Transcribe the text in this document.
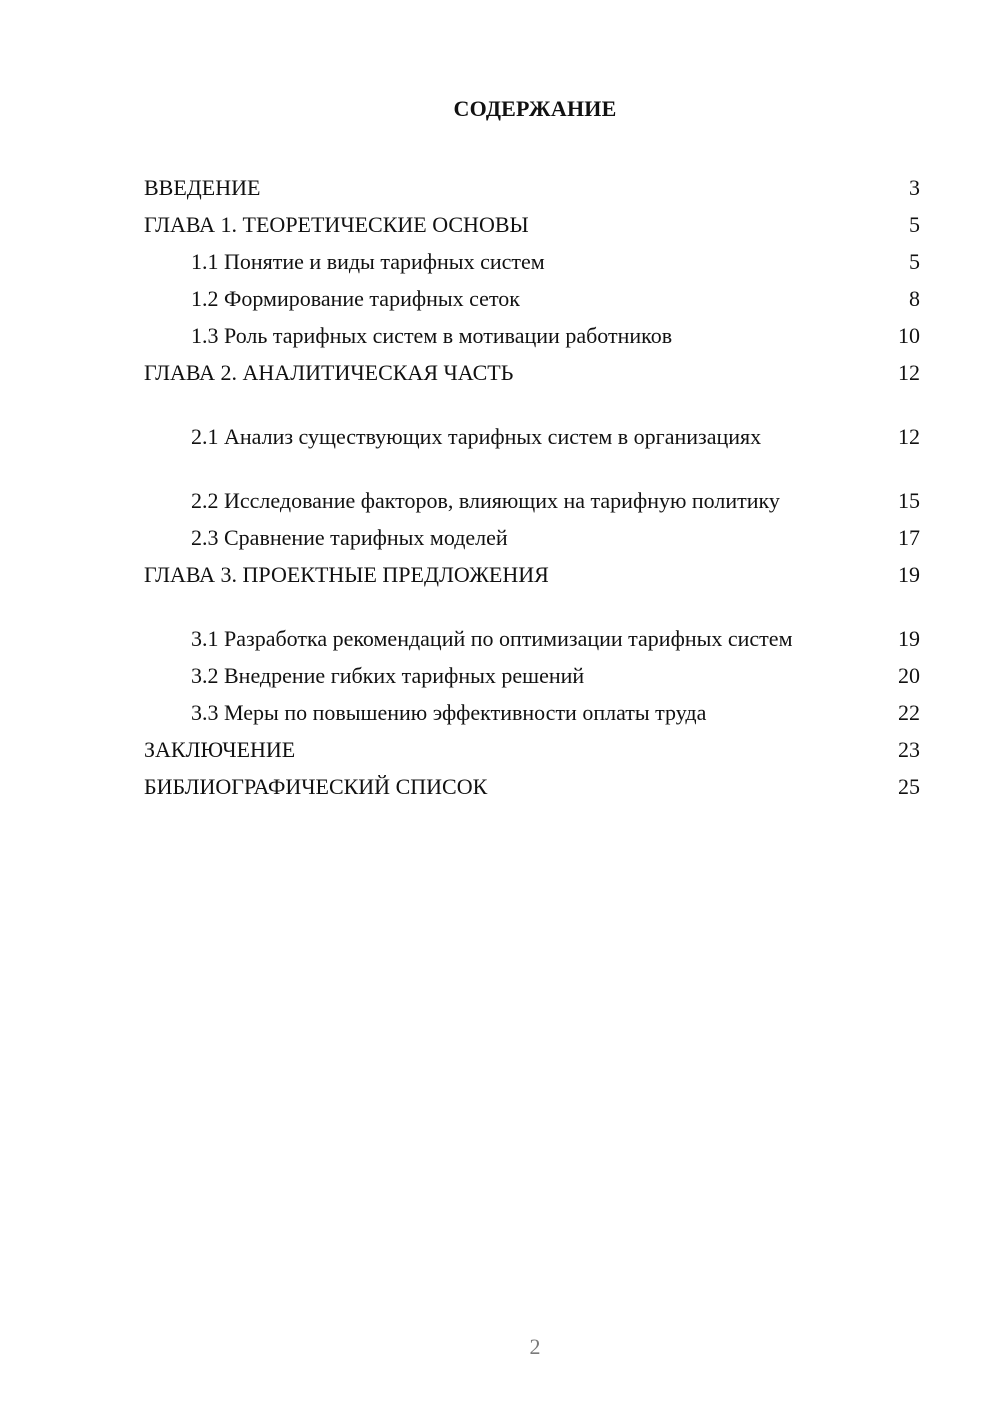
СОДЕРЖАНИЕ
ВВЕДЕНИЕ	3
ГЛАВА 1. ТЕОРЕТИЧЕСКИЕ ОСНОВЫ	5
1.1 Понятие и виды тарифных систем	5
1.2 Формирование тарифных сеток	8
1.3 Роль тарифных систем в мотивации работников	10
ГЛАВА 2. АНАЛИТИЧЕСКАЯ ЧАСТЬ	12
2.1 Анализ существующих тарифных систем в организациях	12
2.2 Исследование факторов, влияющих на тарифную политику	15
2.3 Сравнение тарифных моделей	17
ГЛАВА 3. ПРОЕКТНЫЕ ПРЕДЛОЖЕНИЯ	19
3.1 Разработка рекомендаций по оптимизации тарифных систем	19
3.2 Внедрение гибких тарифных решений	20
3.3 Меры по повышению эффективности оплаты труда	22
ЗАКЛЮЧЕНИЕ	23
БИБЛИОГРАФИЧЕСКИЙ СПИСОК	25
2
